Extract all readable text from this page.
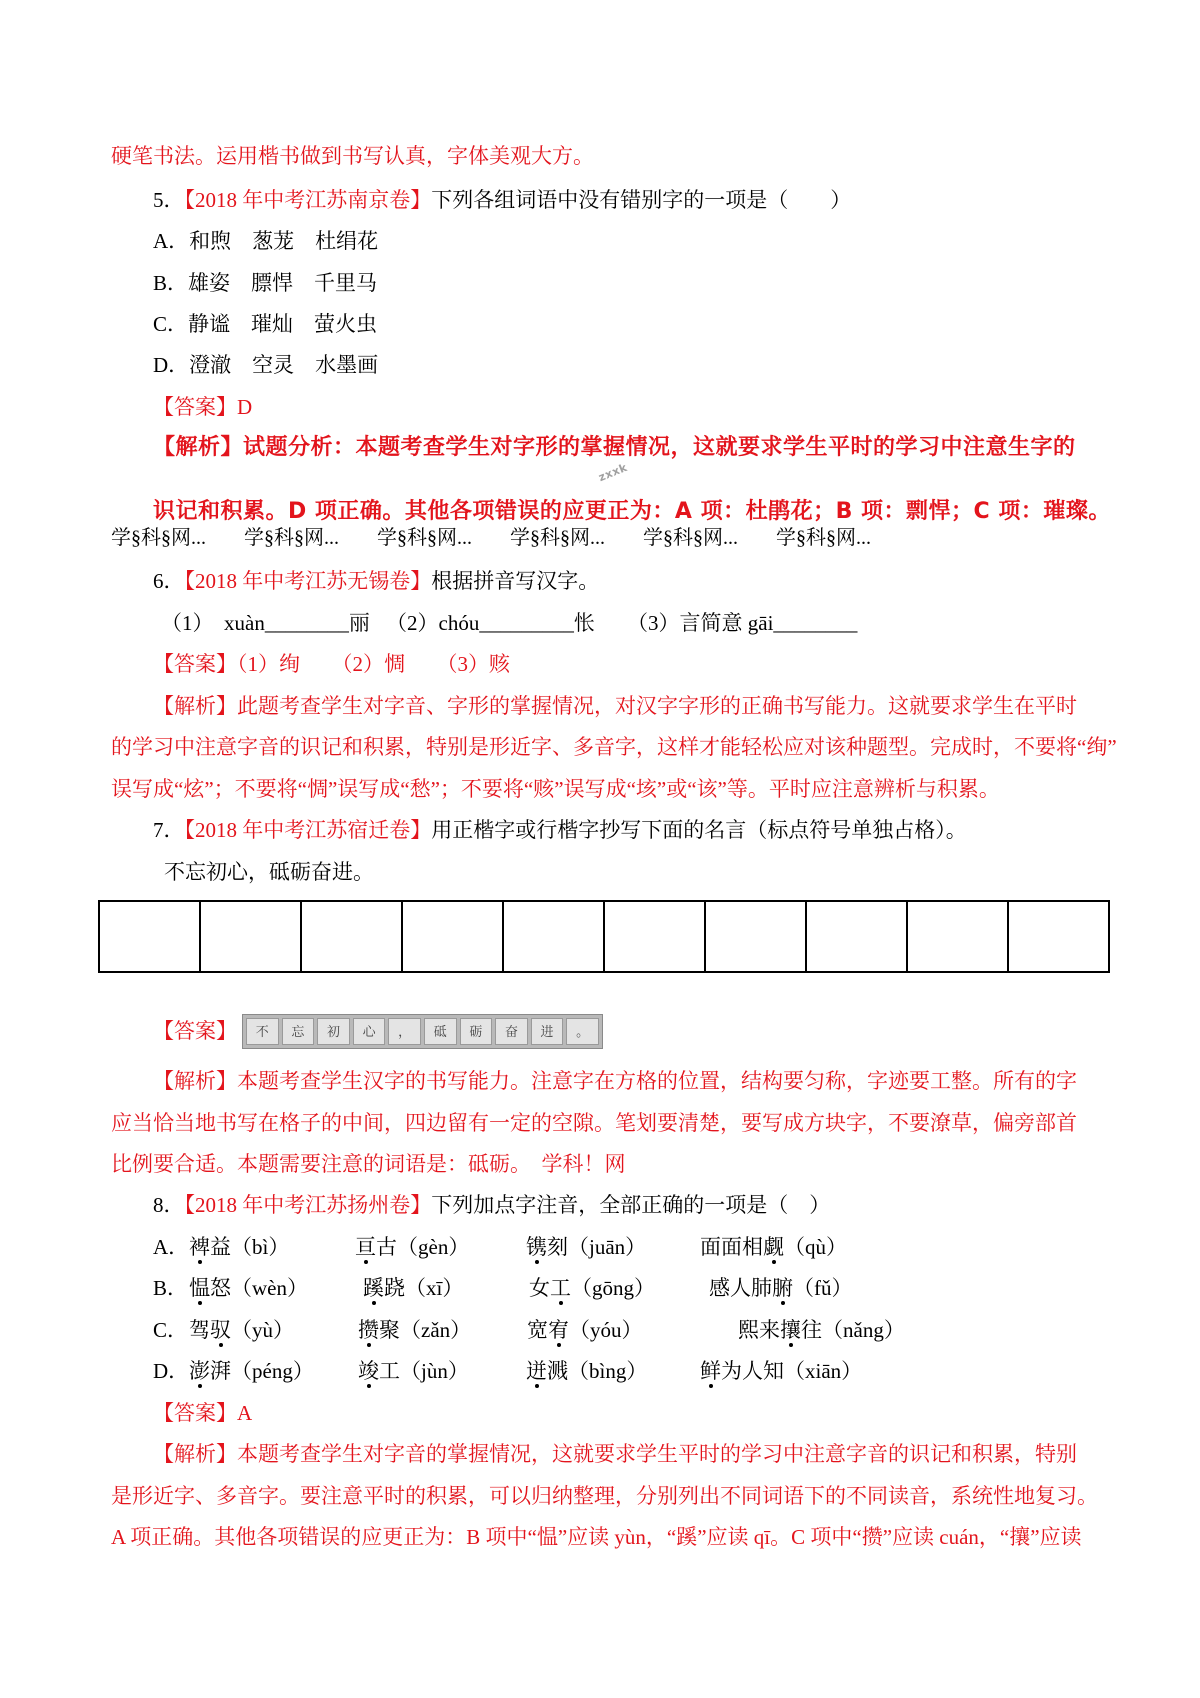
硬笔书法。运用楷书做到书写认真，字体美观大方。
5．【2018 年中考江苏南京卷】下列各组词语中没有错别字的一项是（　　）
A．和煦　葱茏　杜绢花
B．雄姿　膘悍　千里马
C．静谧　璀灿　萤火虫
D．澄澈　空灵　水墨画
【答案】D
【解析】试题分析：本题考查学生对字形的掌握情况，这就要求学生平时的学习中注意生字的
zxxk
识记和积累。D 项正确。其他各项错误的应更正为：A 项：杜鹃花；B 项：剽悍；C 项：璀璨。
学§科§网...  学§科§网...  学§科§网...  学§科§网...  学§科§网...  学§科§网...
6．【2018 年中考江苏无锡卷】根据拼音写汉字。
（1）　xuàn________丽 （2）chóu_________怅 （3）言简意 gāi________
【答案】（1）绚　　（2）惆　　（3）赅
【解析】此题考查学生对字音、字形的掌握情况，对汉字字形的正确书写能力。这就要求学生在平时
的学习中注意字音的识记和积累，特别是形近字、多音字，这样才能轻松应对该种题型。完成时，不要将“绚”
误写成“炫”；不要将“惆”误写成“愁”；不要将“赅”误写成“垓”或“该”等。平时应注意辨析与积累。
7．【2018 年中考江苏宿迁卷】用正楷字或行楷字抄写下面的名言（标点符号单独占格）。
不忘初心，砥砺奋进。
【答案】	不	忘	初	心	，	砥	砺	奋	进	。
【解析】本题考查学生汉字的书写能力。注意字在方格的位置，结构要匀称，字迹要工整。所有的字
应当恰当地书写在格子的中间，四边留有一定的空隙。笔划要清楚，要写成方块字，不要潦草，偏旁部首
比例要合适。本题需要注意的词语是：砥砺。　学科！网
8．【2018 年中考江苏扬州卷】下列加点字注音，全部正确的一项是（　）
A． 裨益（bì）	亘古（gèn）	镌刻（juān）	面面相觑（qù）
B． 愠怒（wèn）	蹊跷（xī）	女工（gōng）	感人肺腑（fǔ）
C． 驾驭（yù）	攒聚（zǎn）	宽宥（yóu）	熙来攘往（nǎng）
D． 澎湃（péng） 竣工（jùn）	迸溅（bìng）	鲜为人知（xiān）
【答案】A
【解析】本题考查学生对字音的掌握情况，这就要求学生平时的学习中注意字音的识记和积累，特别
是形近字、多音字。要注意平时的积累，可以归纳整理，分别列出不同词语下的不同读音，系统性地复习。
A 项正确。其他各项错误的应更正为：B 项中“愠”应读 yùn，“蹊”应读 qī。C 项中“攒”应读 cuán，“攘”应读
